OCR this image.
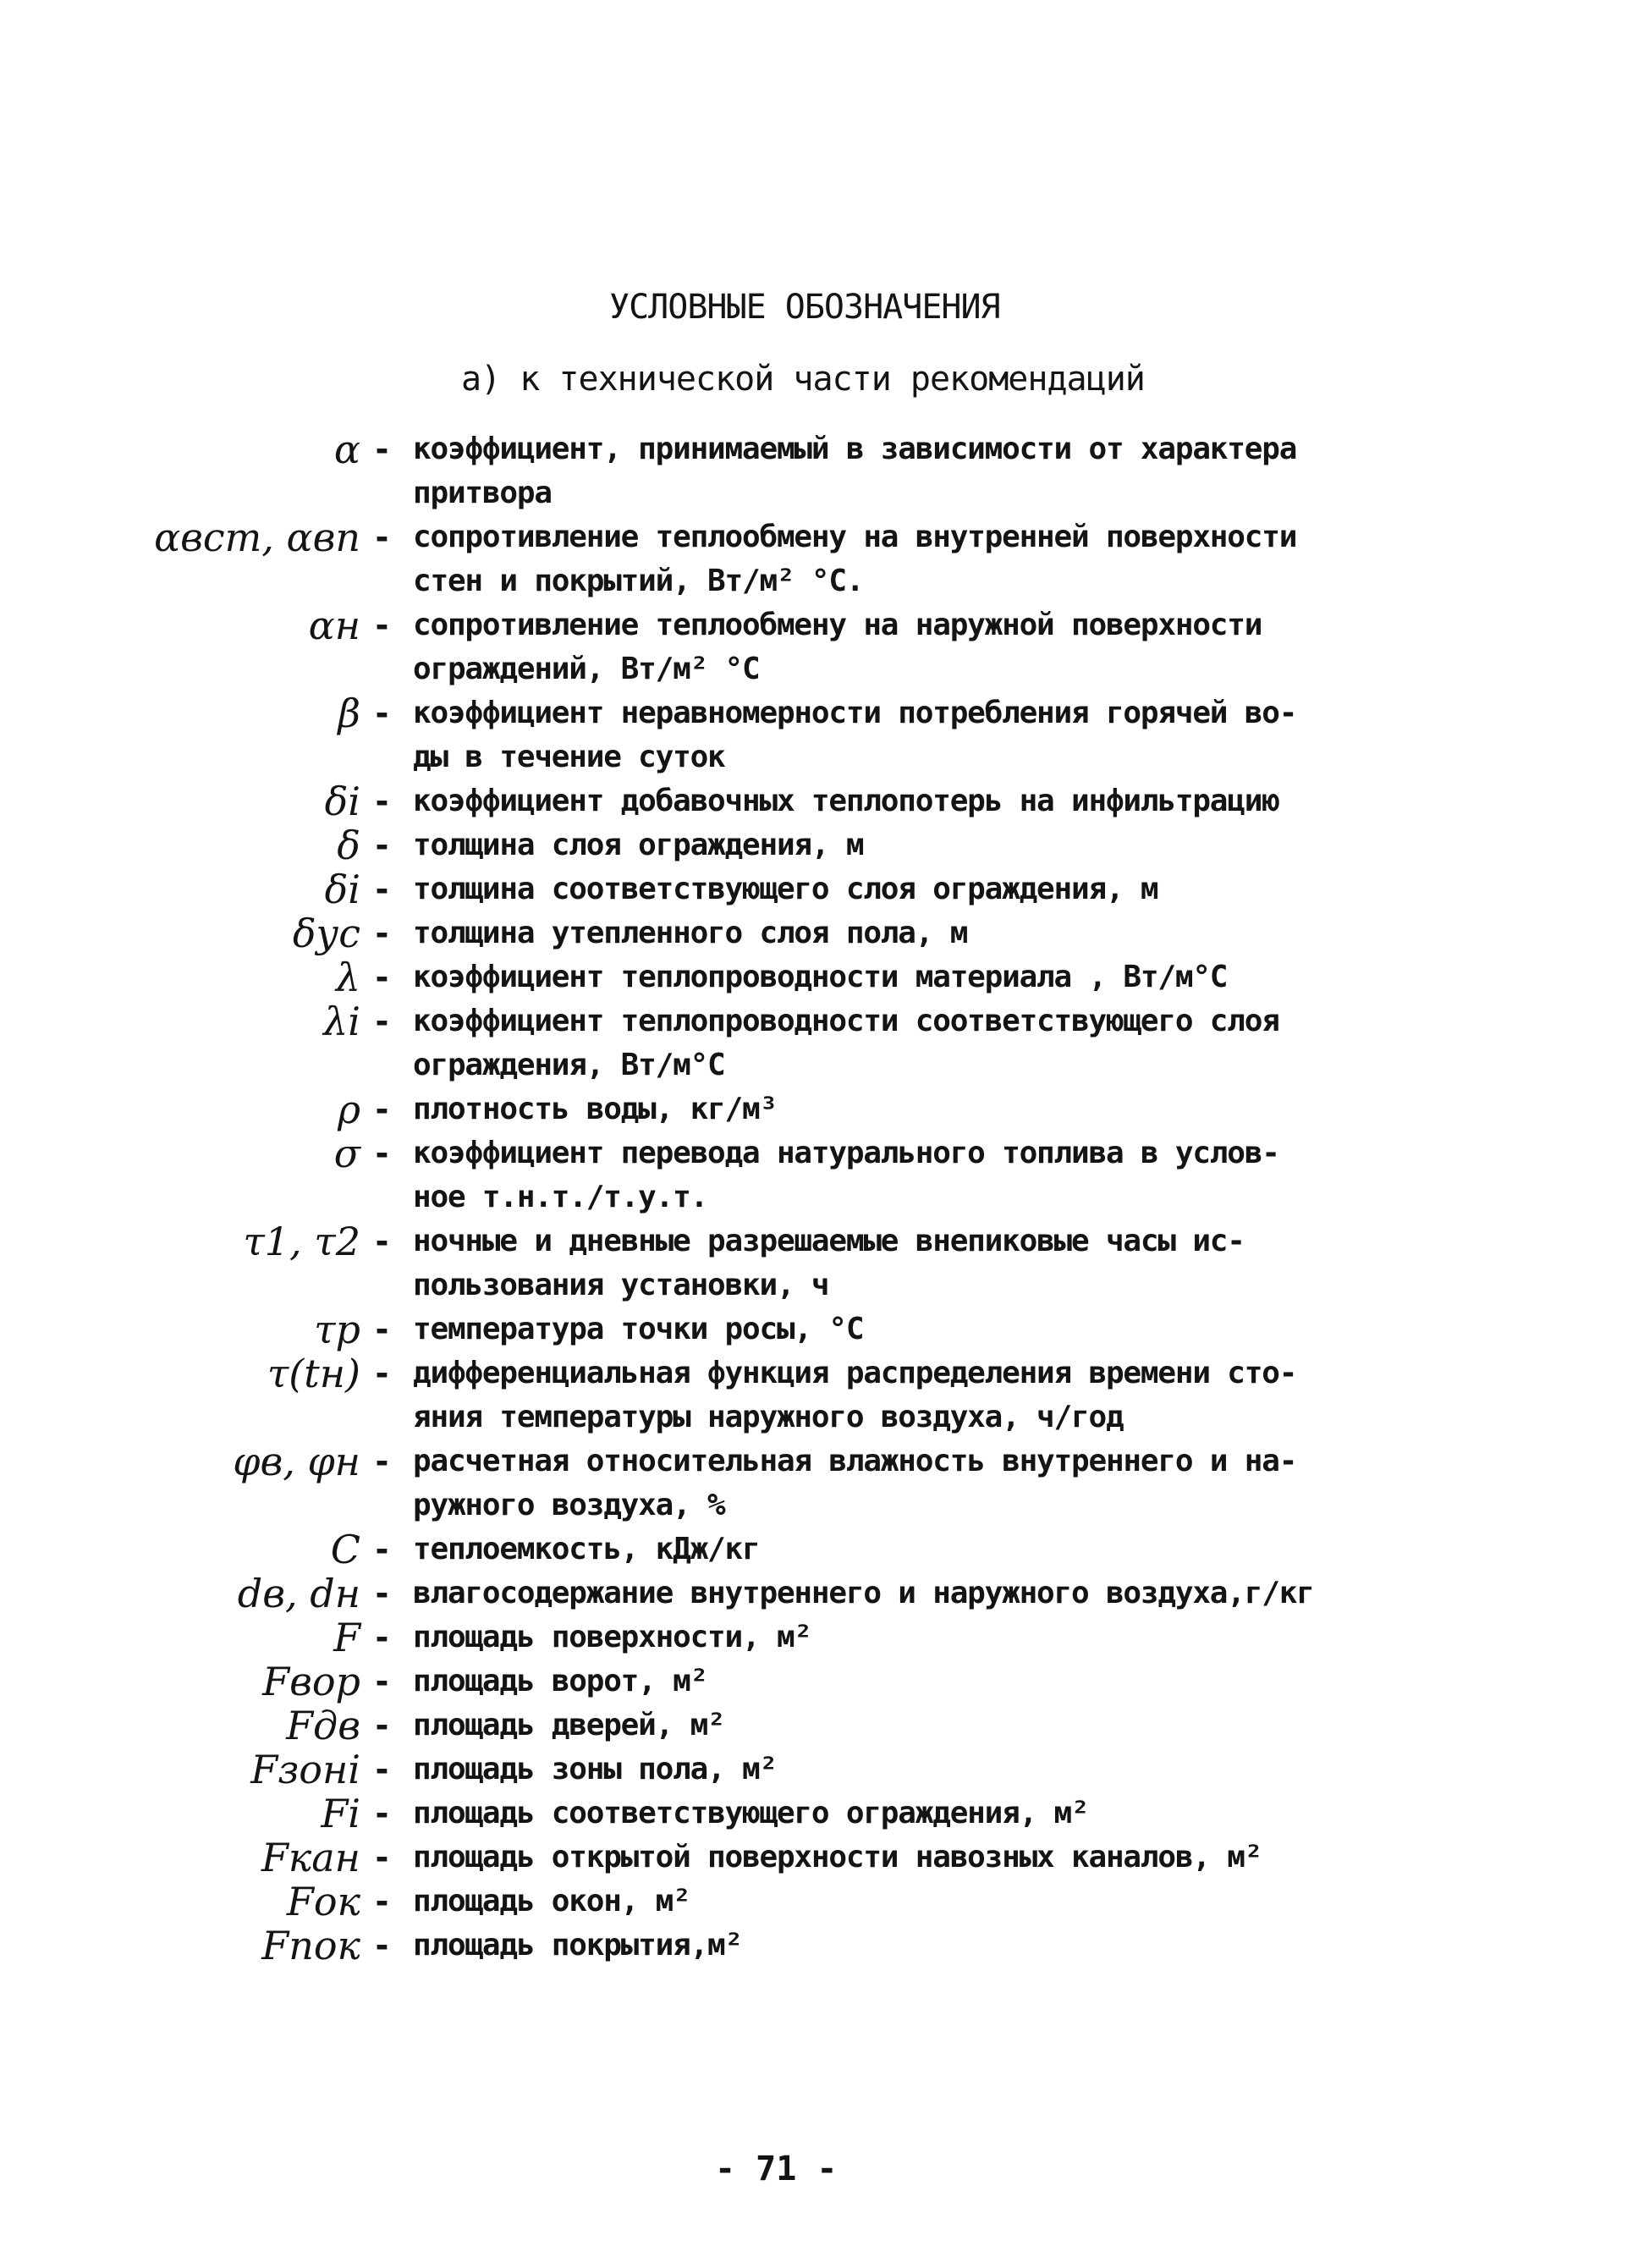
УСЛОВНЫЕ ОБОЗНАЧЕНИЯ
а) к технической части рекомендаций
α - коэффициент, принимаемый в зависимости от характера
притвора
αвст, αвп - сопротивление теплообмену на внутренней поверхности
стен и покрытий, Вт/м² °С.
αн - сопротивление теплообмену на наружной поверхности
ограждений, Вт/м² °С
β - коэффициент неравномерности потребления горячей во-
ды в течение суток
δi - коэффициент добавочных теплопотерь на инфильтрацию
δ - толщина слоя ограждения, м
δi - толщина соответствующего слоя ограждения, м
δус - толщина утепленного слоя пола, м
λ - коэффициент теплопроводности материала , Вт/м°С
λi - коэффициент теплопроводности соответствующего слоя
ограждения, Вт/м°С
ρ - плотность воды, кг/м³
σ - коэффициент перевода натурального топлива в услов-
ное т.н.т./т.у.т.
τ1, τ2 - ночные и дневные разрешаемые внепиковые часы ис-
пользования установки, ч
τр - температура точки росы, °С
τ(tн) - дифференциальная функция распределения времени сто-
яния температуры наружного воздуха, ч/год
φв, φн - расчетная относительная влажность внутреннего и на-
ружного воздуха, %
С - теплоемкость, кДж/кг
dв, dн - влагосодержание внутреннего и наружного воздуха,г/кг
F - площадь поверхности, м²
Fвор - площадь ворот, м²
Fдв - площадь дверей, м²
Fзонi - площадь зоны пола, м²
Fi - площадь соответствующего ограждения, м²
Fкан - площадь открытой поверхности навозных каналов, м²
Fок - площадь окон, м²
Fпок - площадь покрытия,м²
- 71 -
